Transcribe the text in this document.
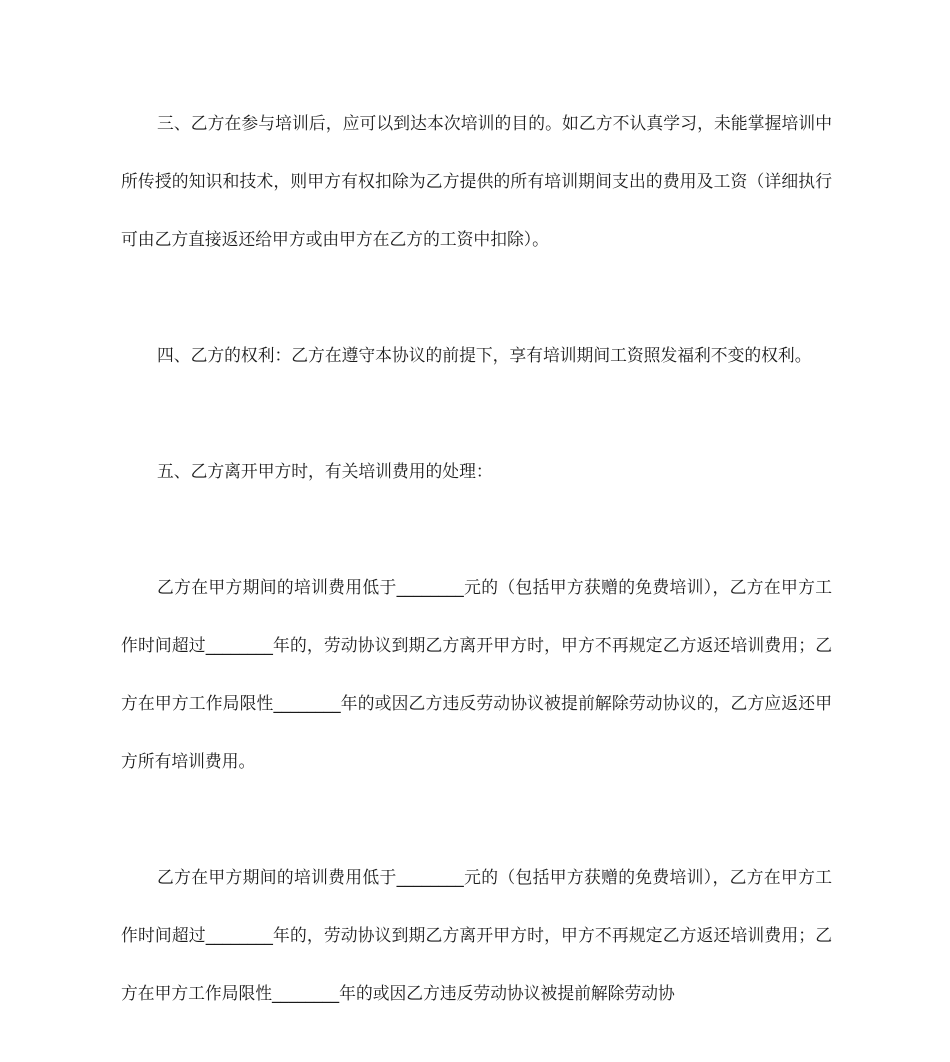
三、乙方在参与培训后，应可以到达本次培训的目的。如乙方不认真学习，未能掌握培训中所传授的知识和技术，则甲方有权扣除为乙方提供的所有培训期间支出的费用及工资（详细执行可由乙方直接返还给甲方或由甲方在乙方的工资中扣除）。

四、乙方的权利：乙方在遵守本协议的前提下，享有培训期间工资照发福利不变的权利。

五、乙方离开甲方时，有关培训费用的处理：

乙方在甲方期间的培训费用低于________元的（包括甲方获赠的免费培训），乙方在甲方工作时间超过________年的，劳动协议到期乙方离开甲方时，甲方不再规定乙方返还培训费用；乙方在甲方工作局限性________年的或因乙方违反劳动协议被提前解除劳动协议的，乙方应返还甲方所有培训费用。

乙方在甲方期间的培训费用低于________元的（包括甲方获赠的免费培训），乙方在甲方工作时间超过________年的，劳动协议到期乙方离开甲方时，甲方不再规定乙方返还培训费用；乙方在甲方工作局限性________年的或因乙方违反劳动协议被提前解除劳动协
